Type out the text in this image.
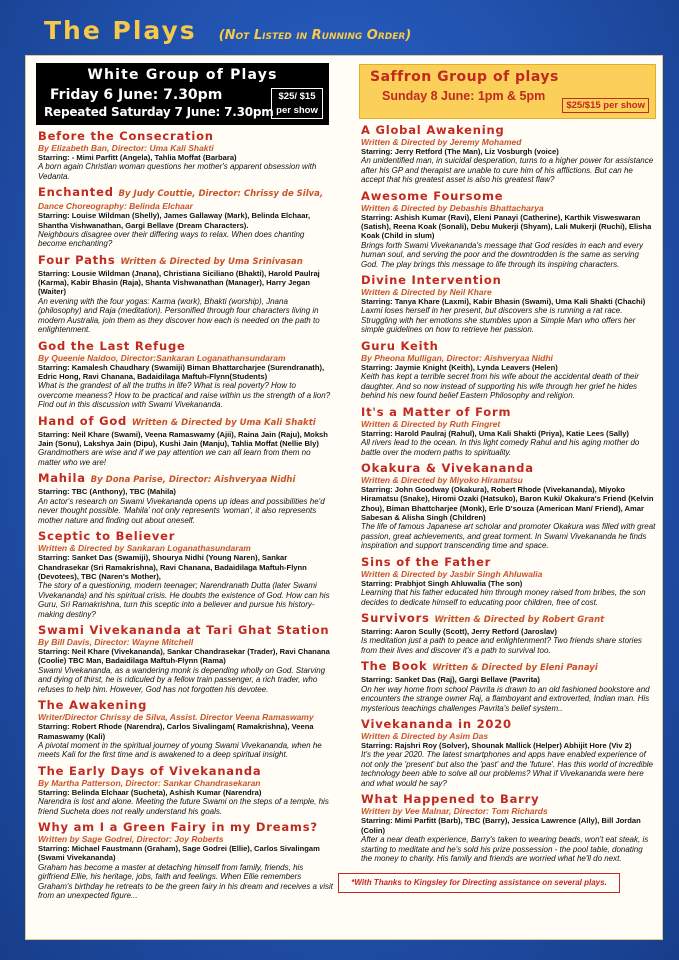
The Plays (Not Listed in Running Order)
White Group of Plays
Friday 6 June: 7.30pm
Repeated Saturday 7 June: 7.30pm
$25/ $15
per show
Before the Consecration
By Elizabeth Ban, Director: Uma Kali Shakti
Starring: - Mimi Parfitt (Angela), Tahlia Moffat (Barbara)
A born again Christian woman questions her mother's apparent obsession with Vedanta.
Enchanted By Judy Couttie, Director: Chrissy de Silva,
Dance Choreography: Belinda Elchaar
Starring: Louise Wildman (Shelly), James Gallaway (Mark), Belinda Elchaar, Shantha Vishwanathan, Gargi Bellave (Dream Characters).
Neighbours disagree over their differing ways to relax. When does chanting become enchanting?
Four Paths Written & Directed by Uma Srinivasan
Starring: Lousie Wildman (Jnana), Christiana Siciliano (Bhakti), Harold Paulraj (Karma), Kabir Bhasin (Raja), Shanta Vishwanathan (Manager), Harry Jegan (Waiter)
An evening with the four yogas: Karma (work), Bhakti (worship), Jnana (philosophy) and Raja (meditation). Personified through four characters living in modern Australia, join them as they discover how each is needed on the path to enlightenment.
God the Last Refuge
By Queenie Naidoo, Director:Sankaran Loganathansundaram
Starring: Kamalesh Chaudhary (Swamiji) Biman Bhattarcharjee (Surendranath), Edric Hong, Ravi Chanana, Badaidilaga Maftuh-Flynn(Students)
What is the grandest of all the truths in life? What is real poverty? How to overcome meaness? How to be practical and raise within us the strength of a lion? Find out in this discussion with Swami Vivekananda.
Hand of God Written & Directed by Uma Kali Shakti
Starring: Neil Khare (Swami), Veena Ramaswamy (Ajii), Raina Jain (Raju), Moksh Jain (Sonu), Lakshya Jain (Dipu), Kushi Jain (Manju), Tahlia Moffat (Nellie Bly)
Grandmothers are wise and if we pay attention we can all learn from them no matter who we are!
Mahila By Dona Parise, Director: Aishveryaa Nidhi
Starring: TBC (Anthony), TBC (Mahila)
An actor's research on Swami Vivekananda opens up ideas and possibilities he'd never thought possible. 'Mahila' not only represents 'woman', it also represents mother nature and finding out about oneself.
Sceptic to Believer
Written & Directed by Sankaran Loganathasundaram
Starring: Sanket Das (Swamiji), Shourya Nidhi (Young Naren), Sankar Chandrasekar (Sri Ramakrishna), Ravi Chanana, Badaidilaga Maftuh-Flynn (Devotees), TBC (Naren's Mother),
The story of a questioning, modern teenager; Narendranath Dutta (later Swami Vivekananda) and his spiritual crisis. He doubts the existence of God. How can his Guru, Sri Ramakrishna, turn this sceptic into a believer and pursue his history-making destiny?
Swami Vivekananda at Tari Ghat Station
By Bill Davis, Director: Wayne Mitchell
Starring: Neil Khare (Vivekananda), Sankar Chandrasekar (Trader), Ravi Chanana (Coolie) TBC Man, Badaidilaga Maftuh-Flynn (Rama)
Swami Vivekananda, as a wandering monk is depending wholly on God. Starving and dying of thirst, he is ridiculed by a fellow train passenger, a rich trader, who refuses to help him. However, God has not forgotten his devotee.
The Awakening
Writer/Director Chrissy de Silva, Assist. Director Veena Ramaswamy
Starring: Robert Rhode (Narendra), Carlos Sivalingam( Ramakrishna), Veena Ramaswamy (Kali)
A pivotal moment in the spiritual journey of young Swami Vivekananda, when he meets Kali for the first time and is awakened to a deep spiritual insight.
The Early Days of Vivekananda
By Martha Patterson, Director: Sankar Chandrasekaran
Starring: Belinda Elchaar (Sucheta), Ashish Kumar (Narendra)
Narendra is lost and alone. Meeting the future Swami on the steps of a temple, his friend Sucheta does not really understand his goals.
Why am I a Green Fairy in my Dreams?
Written by Sage Godrei, Director: Joy Roberts
Starring: Michael Faustmann (Graham), Sage Godrei (Ellie), Carlos Sivalingam (Swami Vivekananda)
Graham has become a master at detaching himself from family, friends, his girlfriend Ellie, his heritage, jobs, faith and feelings. When Ellie remembers Graham's birthday he retreats to be the green fairy in his dream and receives a visit from an unexpected figure...
Saffron Group of plays
Sunday 8 June: 1pm & 5pm
$25/$15 per show
A Global Awakening
Written & Directed by Jeremy Mohamed
Starring: Jerry Retford (The Man), Liz Vosburgh (voice)
An unidentified man, in suicidal desperation, turns to a higher power for assistance after his GP and therapist are unable to cure him of his afflictions. But can he accept that his greatest asset is also his greatest flaw?
Awesome Foursome
Written & Directed by Debashis Bhattacharya
Starring: Ashish Kumar (Ravi), Eleni Panayi (Catherine), Karthik Visweswaran (Satish), Reena Koak (Sonali), Debu Mukerji (Shyam), Lali Mukerji (Ruchi), Elisha Koak (Child in slum)
Brings forth Swami Vivekananda's message that God resides in each and every human soul, and serving the poor and the downtrodden is the same as serving God. The play brings this message to life through its inspiring characters.
Divine Intervention
Written & Directed by Neil Khare
Starring: Tanya Khare (Laxmi), Kabir Bhasin (Swami), Uma Kali Shakti (Chachi)
Laxmi loses herself in her present, but discovers she is running a rat race. Struggling with her emotions she stumbles upon a Simple Man who offers her simple guidelines on how to retrieve her passion.
Guru Keith
By Pheona Mulligan, Director: Aishveryaa Nidhi
Starring: Jaymie Knight (Keith), Lynda Leavers (Helen)
Keith has kept a terrible secret from his wife about the accidental death of their daughter. And so now instead of supporting his wife through her grief he hides behind his new found belief Eastern Philosophy and religion.
It's a Matter of Form
Written & Directed by Ruth Fingret
Starring: Harold Paulraj (Rahul), Uma Kali Shakti (Priya), Katie Lees (Sally)
All rivers lead to the ocean. In this light comedy Rahul and his aging mother do battle over the modern paths to spirituality.
Okakura & Vivekananda
Written & Directed by Miyoko Hiramatsu
Starring: John Goodway (Okakura), Robert Rhode (Vivekananda), Miyoko Hiramatsu (Snake), Hiromi Ozaki (Hatsuko), Baron Kuki/ Okakura's Friend (Kelvin Zhou), Biman Bhattcharjee (Monk), Erle D'souza (American Man/ Friend), Amar Sabesan & Alisha Singh (Children)
The life of famous Japanese art scholar and promoter Okakura was filled with great passion, great achievements, and great torment. In Swami Vivekananda he finds inspiration and support transcending time and space.
Sins of the Father
Written & Directed by Jasbir Singh Ahluwalia
Starring: Prabhjot Singh Ahluwalia (The son)
Learning that his father educated him through money raised from bribes, the son decides to dedicate himself to educating poor children, free of cost.
Survivors Written & Directed by Robert Grant
Starring: Aaron Scully (Scott), Jerry Retford (Jaroslav)
Is meditation just a path to peace and enlightenment? Two friends share stories from their lives and discover it's a path to survival too.
The Book Written & Directed by Eleni Panayi
Starring: Sanket Das (Raj), Gargi Bellave (Pavrita)
On her way home from school Pavrita is drawn to an old fashioned bookstore and encounters the strange owner Raj, a flamboyant and extroverted, Indian man. His mysterious teachings challenges Pavrita's belief system..
Vivekananda in 2020
Written & Directed by Asim Das
Starring: Rajshri Roy (Solver), Shounak Mallick (Helper) Abhijit Hore (Viv 2)
It's the year 2020. The latest smartphones and apps have enabled experience of not only the 'present' but also the 'past' and the 'future'. Has this world of incredible technology been able to solve all our problems? What if Vivekananda were here and what would he say?
What Happened to Barry
Written by Vee Malnar, Director: Tom Richards
Starring: Mimi Parfitt (Barb), TBC (Barry), Jessica Lawrence (Ally), Bill Jordan (Colin)
After a near death experience, Barry's taken to wearing beads, won't eat steak, is starting to meditate and he's sold his prize possession - the pool table, donating the money to charity. His family and friends are worried what he'll do next.
*With Thanks to Kingsley for Directing assistance on several plays.
